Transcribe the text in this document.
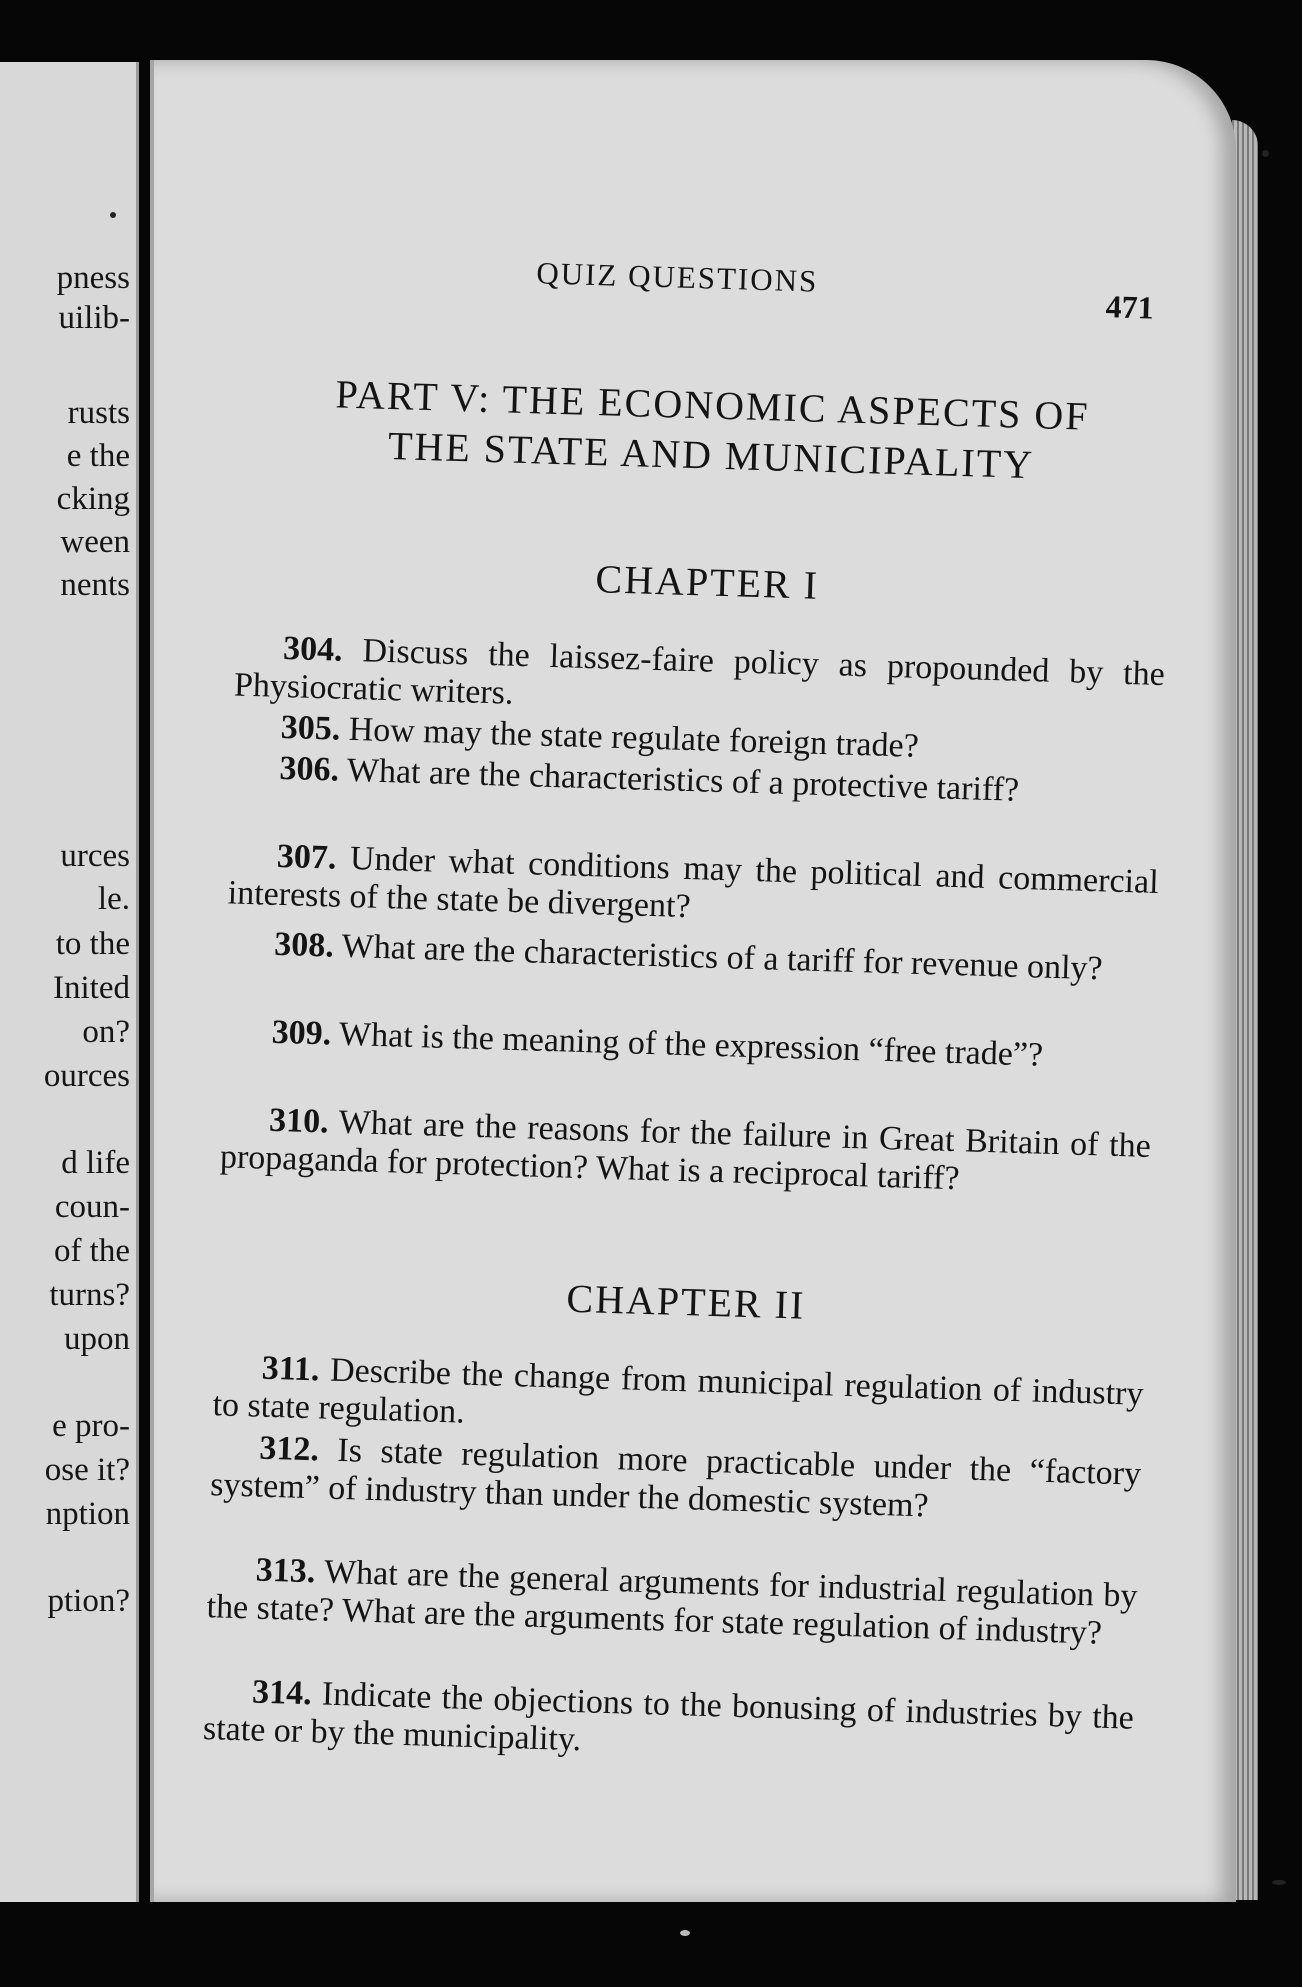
pness

uilib-

rusts

e the

cking

ween

nents

urces

le.

to the

Inited

on?

ources

d life

coun-

of the

turns?

upon

e pro-

ose it?

nption

ption?

QUIZ QUESTIONS

471

PART V: THE ECONOMIC ASPECTS OF
THE STATE AND MUNICIPALITY
CHAPTER I

304. Discuss the laissez-faire policy as propounded by the Physiocratic writers.

305. How may the state regulate foreign trade?

306. What are the characteristics of a protective tariff?

307. Under what conditions may the political and commercial interests of the state be divergent?

308. What are the characteristics of a tariff for revenue only?

309. What is the meaning of the expression “free trade”?

310. What are the reasons for the failure in Great Britain of the propaganda for protection? What is a reciprocal tariff?

CHAPTER II

311. Describe the change from municipal regulation of industry to state regulation.

312. Is state regulation more practicable under the “factory system” of industry than under the domestic system?

313. What are the general arguments for industrial regulation by the state? What are the arguments for state regulation of industry?

314. Indicate the objections to the bonusing of industries by the state or by the municipality.
